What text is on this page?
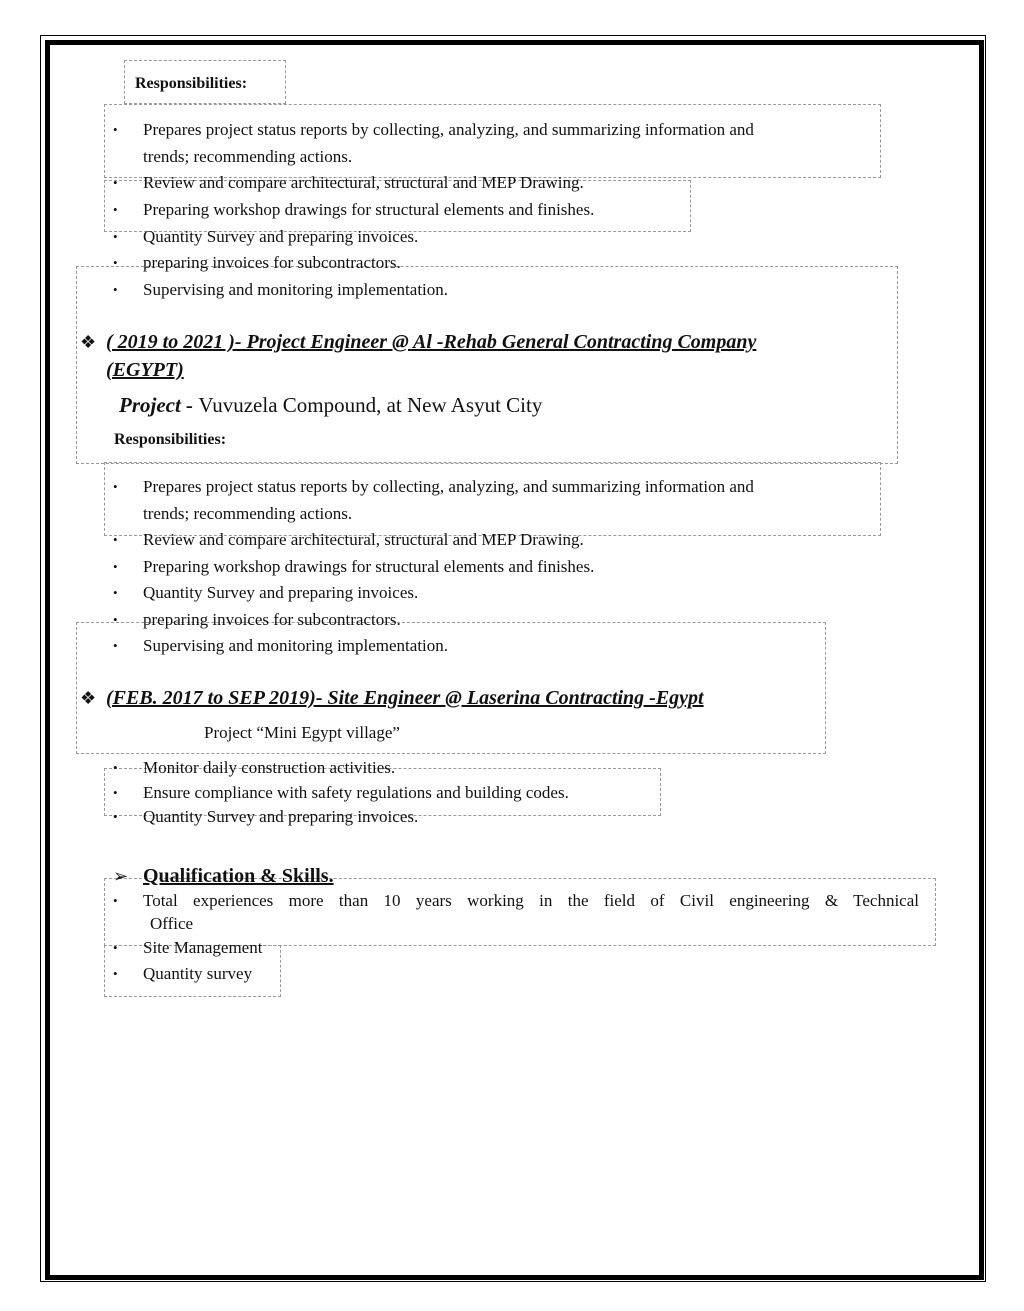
Responsibilities:
• Prepares project status reports by collecting, analyzing, and summarizing information and
trends; recommending actions.
• Review and compare architectural, structural and MEP Drawing.
• Preparing workshop drawings for structural elements and finishes.
• Quantity Survey and preparing invoices.
• preparing invoices for subcontractors.
• Supervising and monitoring implementation.
❖ ( 2019 to 2021 )- Project Engineer @ Al -Rehab General Contracting Company
(EGYPT)
Project - Vuvuzela Compound, at New Asyut City
Responsibilities:
• Prepares project status reports by collecting, analyzing, and summarizing information and
trends; recommending actions.
• Review and compare architectural, structural and MEP Drawing.
• Preparing workshop drawings for structural elements and finishes.
• Quantity Survey and preparing invoices.
• preparing invoices for subcontractors.
• Supervising and monitoring implementation.
❖ (FEB. 2017 to SEP 2019)- Site Engineer @ Laserina Contracting -Egypt
Project “Mini Egypt village”
• Monitor daily construction activities.
• Ensure compliance with safety regulations and building codes.
• Quantity Survey and preparing invoices.
➢ Qualification & Skills.
• Total experiences more than 10 years working in the field of Civil engineering & Technical
Office
• Site Management
• Quantity survey
